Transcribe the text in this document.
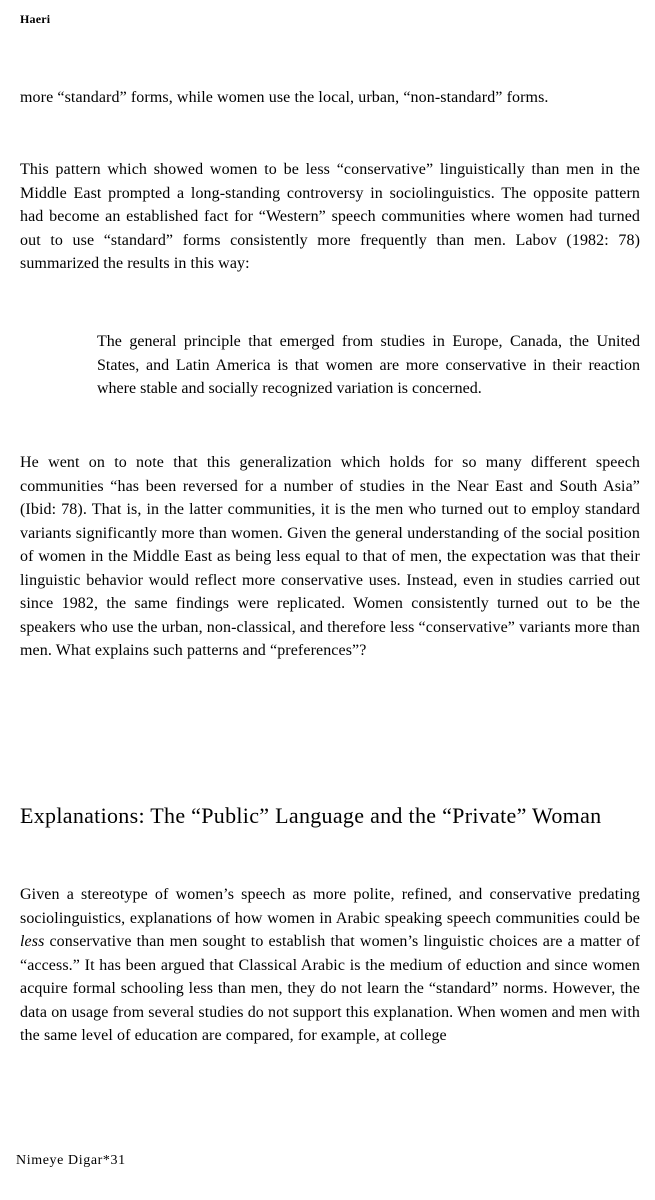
Haeri

more “standard” forms, while women use the local, urban, “non-standard” forms.

This pattern which showed women to be less “conservative” linguistically than men in the Middle East prompted a long-standing controversy in sociolinguistics. The opposite pattern had become an established fact for “Western” speech communities where women had turned out to use “standard” forms consistently more frequently than men. Labov (1982: 78) summarized the results in this way:

The general principle that emerged from studies in Europe, Canada, the United States, and Latin America is that women are more conservative in their reaction where stable and socially recognized variation is concerned.

He went on to note that this generalization which holds for so many different speech communities “has been reversed for a number of studies in the Near East and South Asia” (Ibid: 78). That is, in the latter communities, it is the men who turned out to employ standard variants significantly more than women. Given the general understanding of the social position of women in the Middle East as being less equal to that of men, the expectation was that their linguistic behavior would reflect more conservative uses. Instead, even in studies carried out since 1982, the same findings were replicated. Women consistently turned out to be the speakers who use the urban, non-classical, and therefore less “conservative” variants more than men. What explains such patterns and “preferences”?

Explanations: The “Public” Language and the “Private” Woman

Given a stereotype of women’s speech as more polite, refined, and conservative predating sociolinguistics, explanations of how women in Arabic speaking speech communities could be less conservative than men sought to establish that women’s linguistic choices are a matter of “access.” It has been argued that Classical Arabic is the medium of eduction and since women acquire formal schooling less than men, they do not learn the “standard” norms. However, the data on usage from several studies do not support this explanation. When women and men with the same level of education are compared, for example, at college

Nimeye Digar*31
